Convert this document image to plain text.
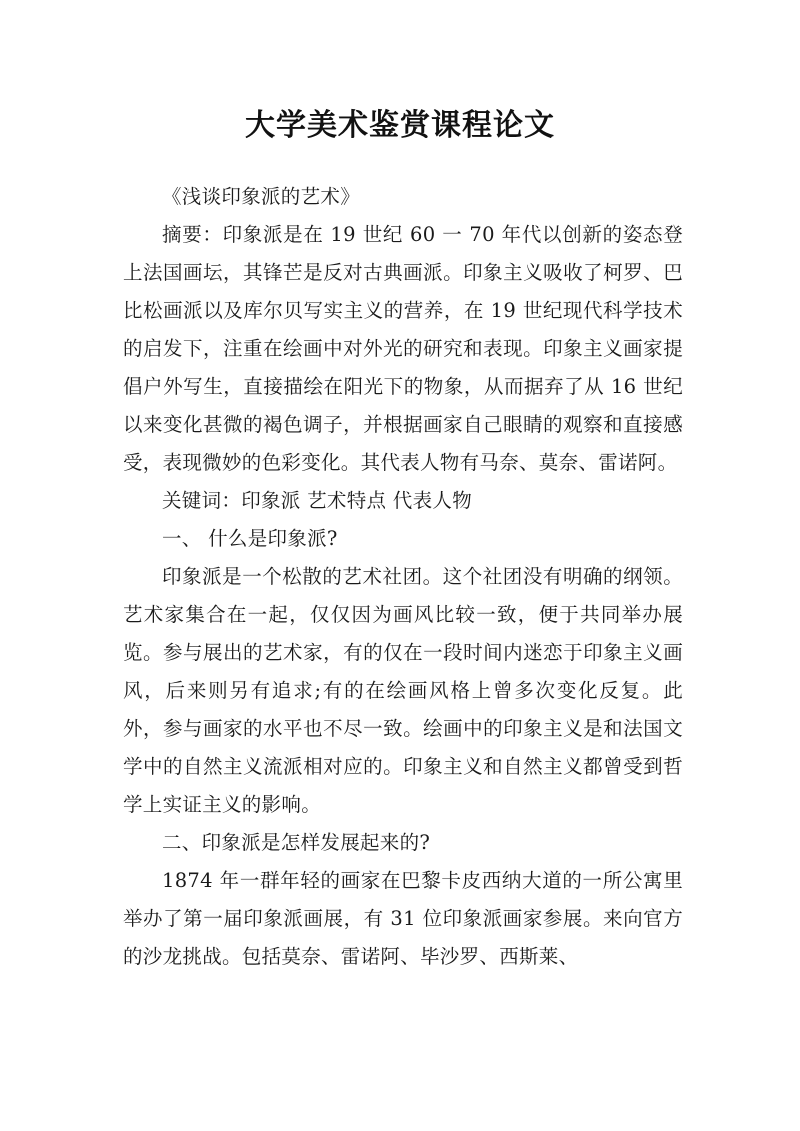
大学美术鉴赏课程论文

《浅谈印象派的艺术》

摘要：印象派是在 19 世纪 60 一 70 年代以创新的姿态登上法国画坛，其锋芒是反对古典画派。印象主义吸收了柯罗、巴比松画派以及库尔贝写实主义的营养，在 19 世纪现代科学技术的启发下，注重在绘画中对外光的研究和表现。印象主义画家提倡户外写生，直接描绘在阳光下的物象，从而据弃了从 16 世纪以来变化甚微的褐色调子，并根据画家自己眼睛的观察和直接感受，表现微妙的色彩变化。其代表人物有马奈、莫奈、雷诺阿。

关键词：印象派 艺术特点 代表人物

一、 什么是印象派?

印象派是一个松散的艺术社团。这个社团没有明确的纲领。艺术家集合在一起，仅仅因为画风比较一致，便于共同举办展览。参与展出的艺术家，有的仅在一段时间内迷恋于印象主义画风，后来则另有追求;有的在绘画风格上曾多次变化反复。此外，参与画家的水平也不尽一致。绘画中的印象主义是和法国文学中的自然主义流派相对应的。印象主义和自然主义都曾受到哲学上实证主义的影响。

二、印象派是怎样发展起来的?

1874 年一群年轻的画家在巴黎卡皮西纳大道的一所公寓里举办了第一届印象派画展，有 31 位印象派画家参展。来向官方的沙龙挑战。包括莫奈、雷诺阿、毕沙罗、西斯莱、
